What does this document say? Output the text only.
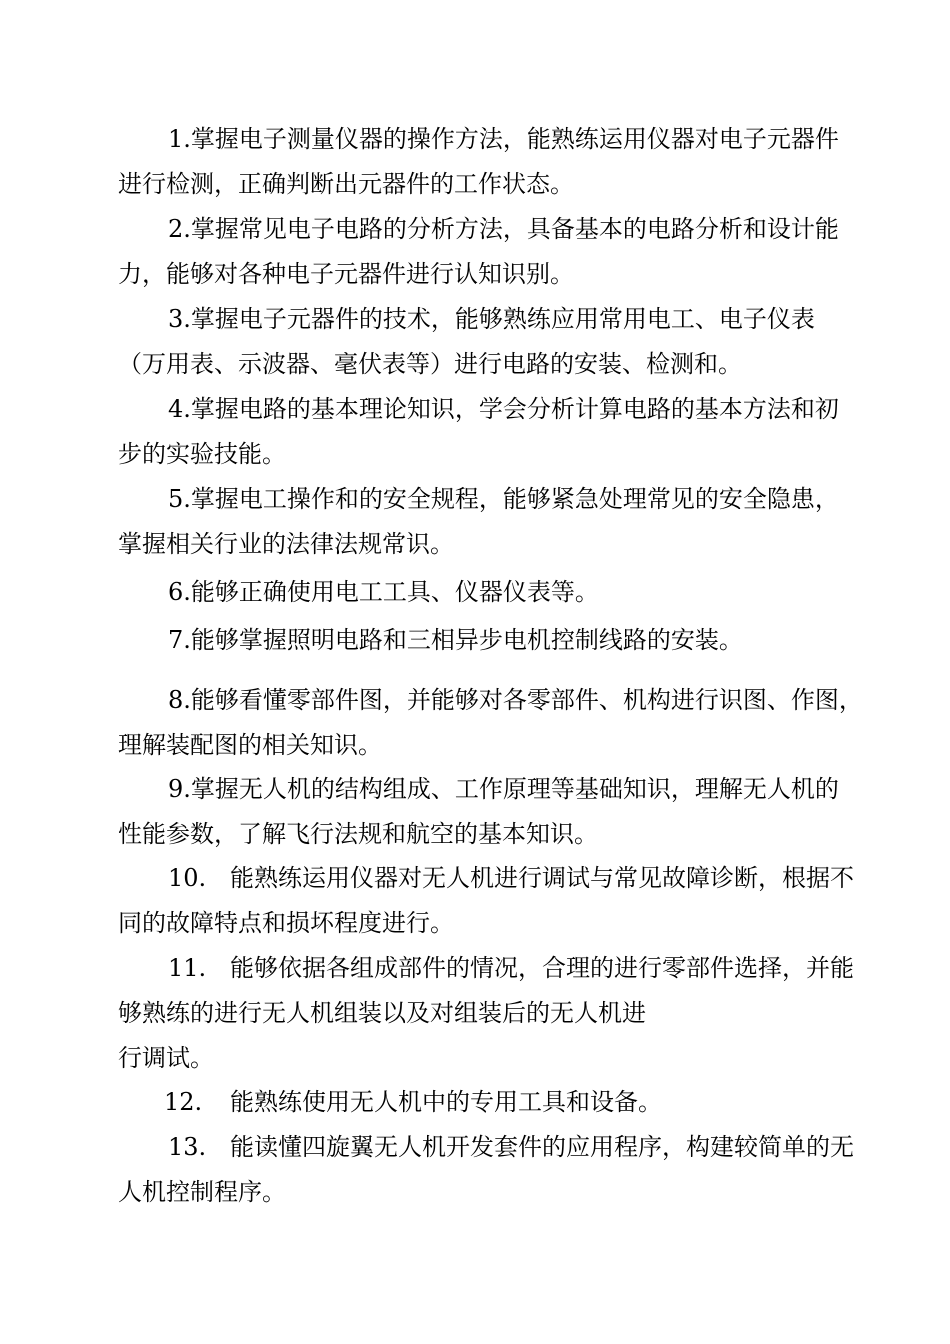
1.掌握电子测量仪器的操作方法，能熟练运用仪器对电子元器件
进行检测，正确判断出元器件的工作状态。
2.掌握常见电子电路的分析方法，具备基本的电路分析和设计能
力，能够对各种电子元器件进行认知识别。
3.掌握电子元器件的技术，能够熟练应用常用电工、电子仪表
（万用表、示波器、毫伏表等）进行电路的安装、检测和。
4.掌握电路的基本理论知识，学会分析计算电路的基本方法和初
步的实验技能。
5.掌握电工操作和的安全规程，能够紧急处理常见的安全隐患，
掌握相关行业的法律法规常识。
6.能够正确使用电工工具、仪器仪表等。
7.能够掌握照明电路和三相异步电机控制线路的安装。
8.能够看懂零部件图，并能够对各零部件、机构进行识图、作图，
理解装配图的相关知识。
9.掌握无人机的结构组成、工作原理等基础知识，理解无人机的
性能参数，了解飞行法规和航空的基本知识。
10. 能熟练运用仪器对无人机进行调试与常见故障诊断，根据不
同的故障特点和损坏程度进行。
11. 能够依据各组成部件的情况，合理的进行零部件选择，并能
够熟练的进行无人机组装以及对组装后的无人机进
行调试。
12. 能熟练使用无人机中的专用工具和设备。
13. 能读懂四旋翼无人机开发套件的应用程序，构建较简单的无
人机控制程序。
